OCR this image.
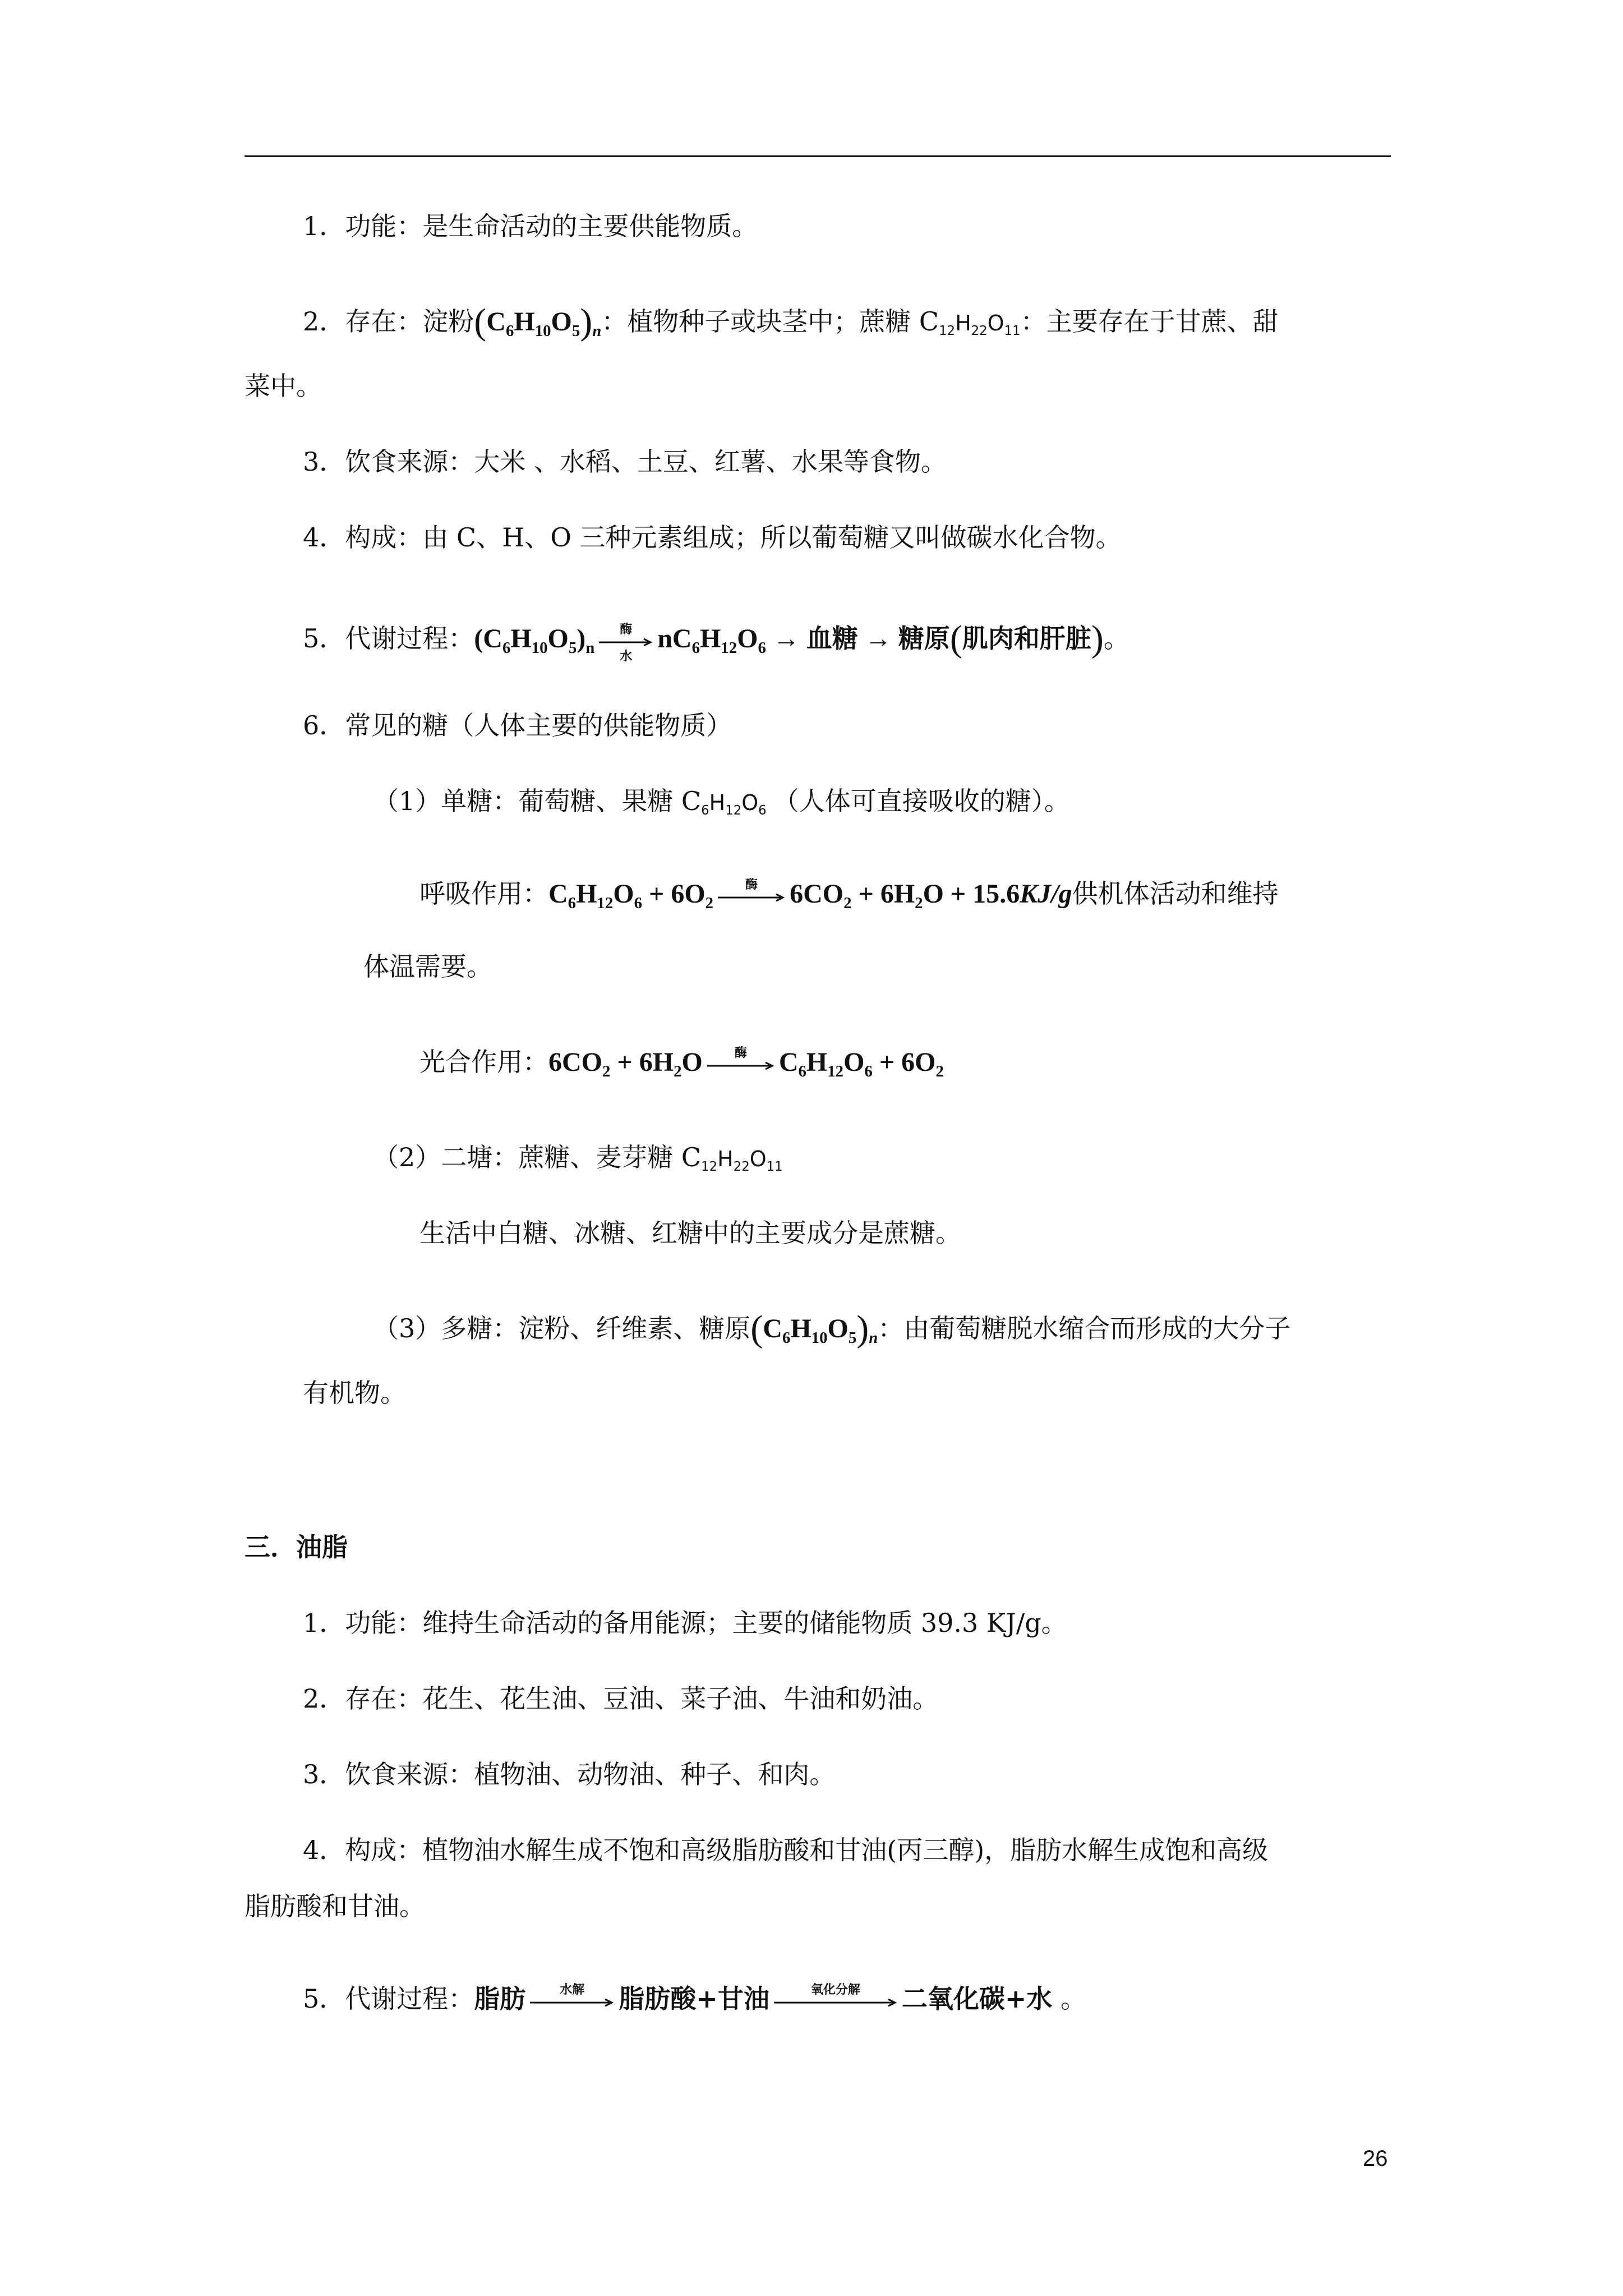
1．功能：是生命活动的主要供能物质。
2．存在：淀粉$(C_6H_{10}O_5)_n$：植物种子或块茎中；蔗糖 $C_{12}H_{22}O_{11}$：主要存在于甘蔗、甜
菜中。
3．饮食来源：大米 、水稻、土豆、红薯、水果等食物。
4．构成：由 C、H、O 三种元素组成；所以葡萄糖又叫做碳水化合物。
5．代谢过程：$(C_6H_{10}O_5)_n$
酶
水
$nC_6H_{12}O_6$ → 血糖 → 糖原(肌肉和肝脏)。
6．常见的糖（人体主要的供能物质）
（1）单糖：葡萄糖、果糖 $C_6H_{12}O_6$ （人体可直接吸收的糖）。
呼吸作用：$C_6H_{12}O_6 + 6O_2$
酶	$6CO_2 + 6H_2O + 15.6KJ/g$供机体活动和维持
体温需要。
光合作用：$6CO_2 + 6H_2O$	酶	$C_6H_{12}O_6 + 6O_2$
（2）二塘：蔗糖、麦芽糖 $C_{12}H_{22}O_{11}$
生活中白糖、冰糖、红糖中的主要成分是蔗糖。
（3）多糖：淀粉、纤维素、糖原$(C_6H_{10}O_5)_n$：由葡萄糖脱水缩合而形成的大分子
有机物。
三．油脂
1．功能：维持生命活动的备用能源；主要的储能物质 39.3 KJ/g。
2．存在：花生、花生油、豆油、菜子油、牛油和奶油。
3．饮食来源：植物油、动物油、种子、和肉。
4．构成：植物油水解生成不饱和高级脂肪酸和甘油(丙三醇)，脂肪水解生成饱和高级
脂肪酸和甘油。
5．代谢过程：脂肪	水解	脂肪酸+甘油	氧化分解	二氧化碳+水 。
26
